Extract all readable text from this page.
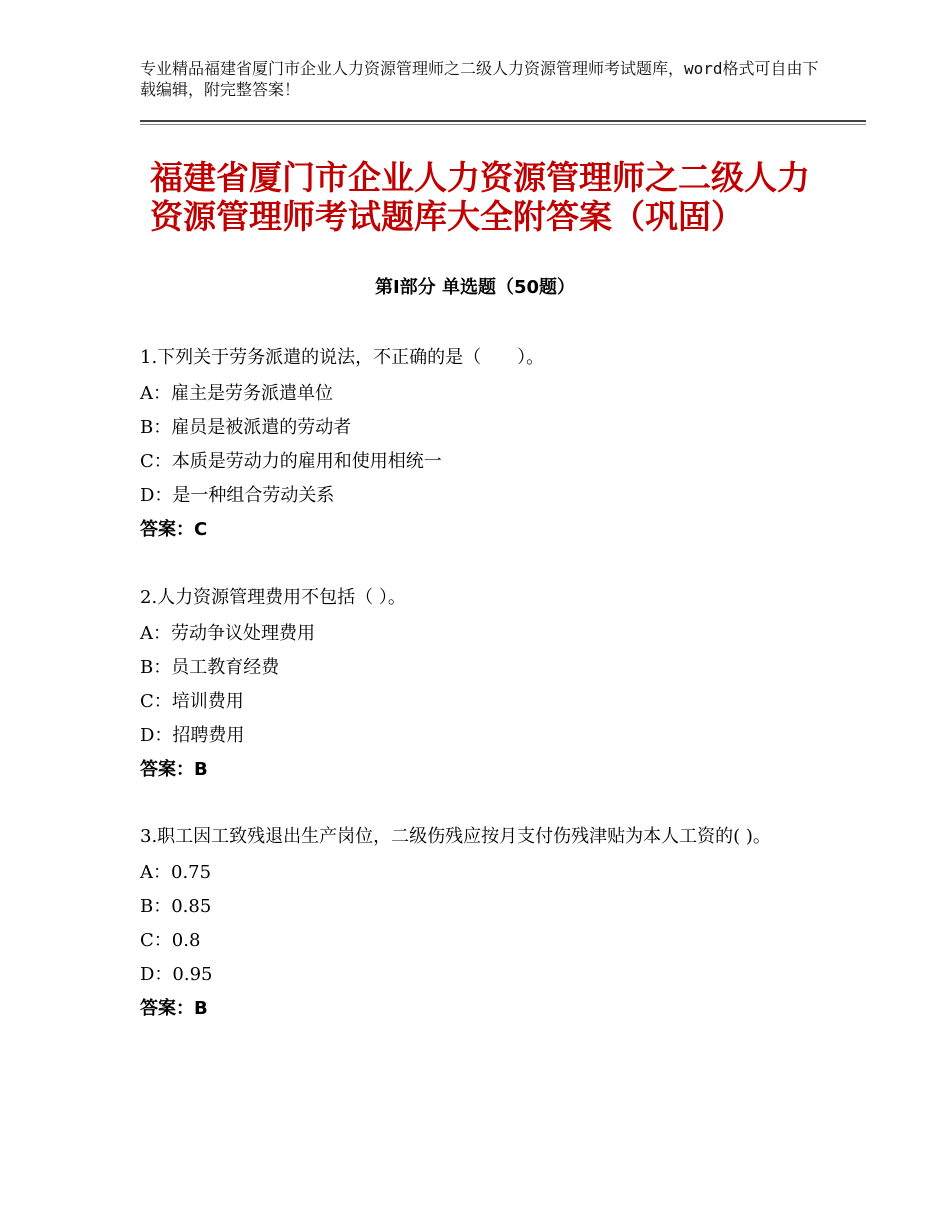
专业精品福建省厦门市企业人力资源管理师之二级人力资源管理师考试题库，word格式可自由下载编辑，附完整答案！
福建省厦门市企业人力资源管理师之二级人力资源管理师考试题库大全附答案（巩固）
第Ⅰ部分 单选题（50题）
1.下列关于劳务派遣的说法，不正确的是（　　）。
A：雇主是劳务派遣单位
B：雇员是被派遣的劳动者
C：本质是劳动力的雇用和使用相统一
D：是一种组合劳动关系
答案：C
2.人力资源管理费用不包括（ ）。
A：劳动争议处理费用
B：员工教育经费
C：培训费用
D：招聘费用
答案：B
3.职工因工致残退出生产岗位，二级伤残应按月支付伤残津贴为本人工资的( )。
A：0.75
B：0.85
C：0.8
D：0.95
答案：B
